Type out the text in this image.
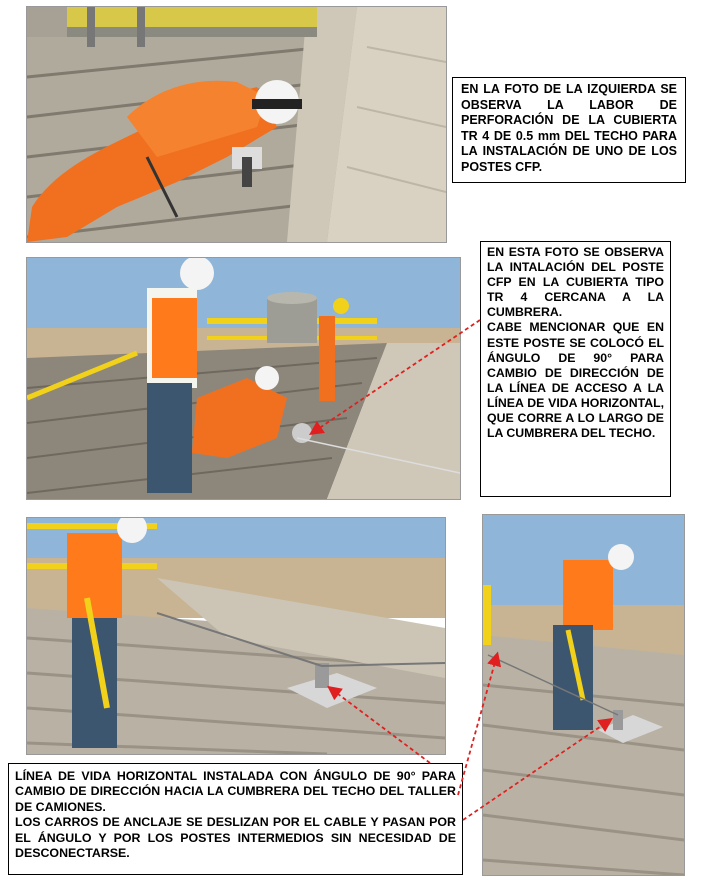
EN LA FOTO DE LA IZQUIERDA SE OBSERVA LA LABOR DE PERFORACIÓN DE LA CUBIERTA TR 4 DE 0.5 mm DEL TECHO PARA LA INSTALACIÓN DE UNO DE LOS POSTES CFP.

EN ESTA FOTO SE OBSERVA LA INTALACIÓN DEL POSTE CFP EN LA CUBIERTA TIPO TR 4 CERCANA A LA CUMBRERA.

CABE MENCIONAR QUE EN ESTE POSTE SE COLOCÓ EL ÁNGULO DE 90° PARA CAMBIO DE DIRECCIÓN DE LA LÍNEA DE ACCESO A LA LÍNEA DE VIDA HORIZONTAL, QUE CORRE A LO LARGO DE LA CUMBRERA DEL TECHO.

LÍNEA DE VIDA HORIZONTAL INSTALADA CON ÁNGULO DE 90° PARA CAMBIO DE DIRECCIÓN HACIA LA CUMBRERA DEL TECHO DEL TALLER DE CAMIONES.

LOS CARROS DE ANCLAJE SE DESLIZAN POR EL CABLE Y PASAN POR EL ÁNGULO Y POR LOS POSTES INTERMEDIOS SIN NECESIDAD DE DESCONECTARSE.
